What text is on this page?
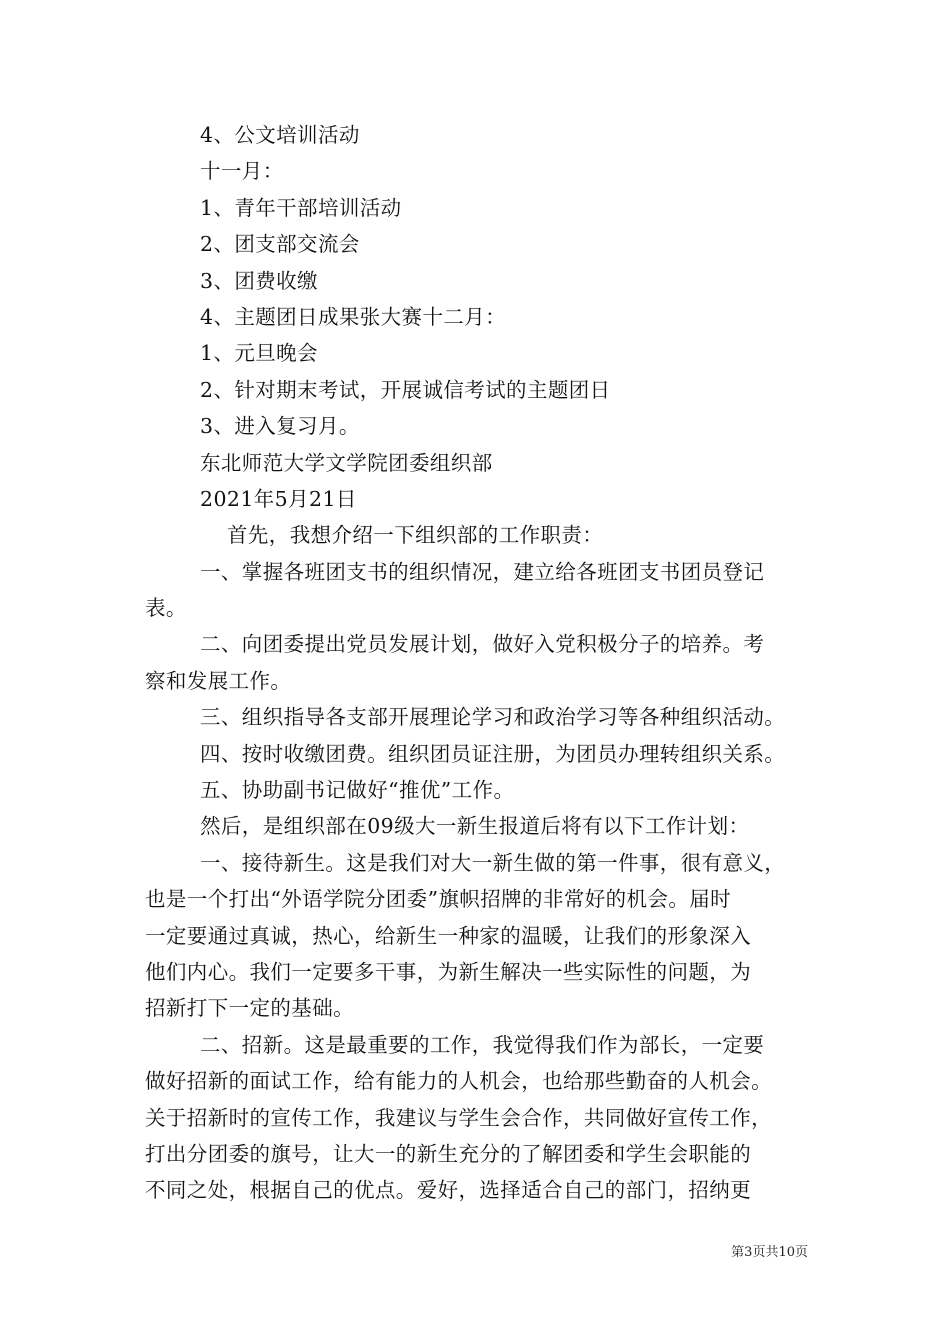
4、公文培训活动
十一月：
1、青年干部培训活动
2、团支部交流会
3、团费收缴
4、主题团日成果张大赛十二月：
1、元旦晚会
2、针对期末考试，开展诚信考试的主题团日
3、进入复习月。
东北师范大学文学院团委组织部
2021年5月21日
首先，我想介绍一下组织部的工作职责：
一、掌握各班团支书的组织情况，建立给各班团支书团员登记
表。
二、向团委提出党员发展计划，做好入党积极分子的培养。考
察和发展工作。
三、组织指导各支部开展理论学习和政治学习等各种组织活动。
四、按时收缴团费。组织团员证注册，为团员办理转组织关系。
五、协助副书记做好“推优”工作。
然后，是组织部在09级大一新生报道后将有以下工作计划：
一、接待新生。这是我们对大一新生做的第一件事，很有意义，
也是一个打出“外语学院分团委”旗帜招牌的非常好的机会。届时
一定要通过真诚，热心，给新生一种家的温暖，让我们的形象深入
他们内心。我们一定要多干事，为新生解决一些实际性的问题，为
招新打下一定的基础。
二、招新。这是最重要的工作，我觉得我们作为部长，一定要
做好招新的面试工作，给有能力的人机会，也给那些勤奋的人机会。
关于招新时的宣传工作，我建议与学生会合作，共同做好宣传工作，
打出分团委的旗号，让大一的新生充分的了解团委和学生会职能的
不同之处，根据自己的优点。爱好，选择适合自己的部门，招纳更
第3页共10页
